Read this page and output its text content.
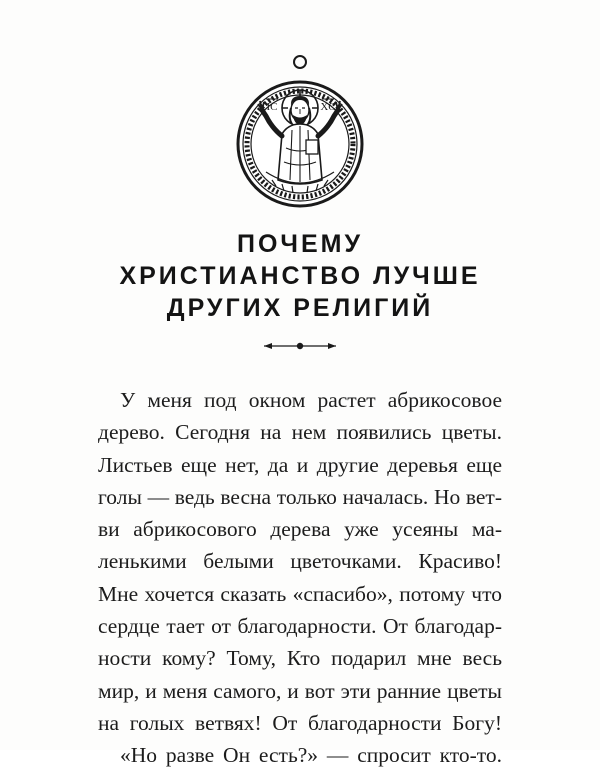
IC	XC
ПОЧЕМУ
ХРИСТИАНСТВО ЛУЧШЕ
ДРУГИХ РЕЛИГИЙ
У меня под окном растет абрикосовое
дерево. Сегодня на нем появились цветы.
Листьев еще нет, да и другие деревья еще
голы — ведь весна только началась. Но вет-
ви абрикосового дерева уже усеяны ма-
ленькими белыми цветочками. Красиво!
Мне хочется сказать «спасибо», потому что
сердце тает от благодарности. От благодар-
ности кому? Тому, Кто подарил мне весь
мир, и меня самого, и вот эти ранние цветы
на голых ветвях! От благодарности Богу!
«Но разве Он есть?» — спросит кто-то.
